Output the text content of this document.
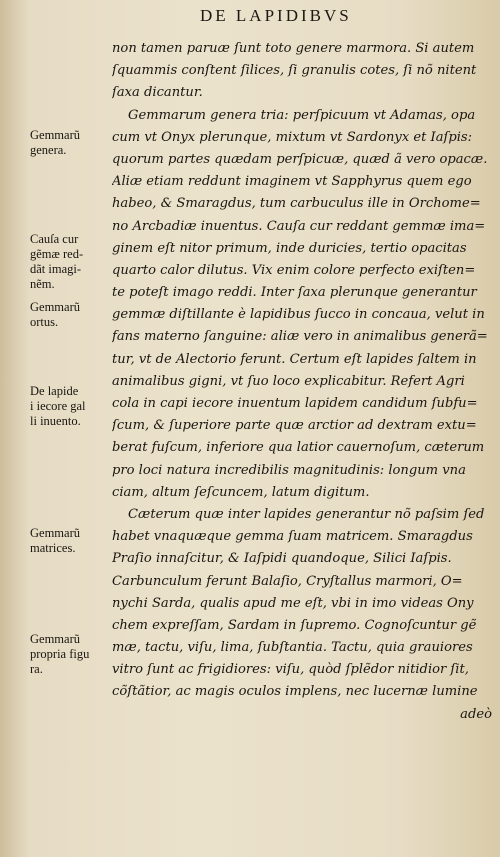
DE LAPIDIBVS
non tamen paruæ ſunt toto genere marmora. Si autem
ſquammis conſtent ſilices, ſi granulis cotes, ſi nõ nitent
ſaxa dicantur.
Gemmarum genera tria: perſpicuum vt Adamas, opa
cum vt Onyx plerunque, mixtum vt Sardonyx et Iaſpis:
quorum partes quædam perſpicuæ, quæd ã vero opacæ.
Aliæ etiam reddunt imaginem vt Sapphyrus quem ego
habeo, & Smaragdus, tum carbuculus ille in Orchome=
no Arcbadiæ inuentus. Cauſa cur reddant gemmæ ima=
ginem eſt nitor primum, inde duricies, tertio opacitas
quarto calor dilutus. Vix enim colore perfecto exiſten=
te poteſt imago reddi. Inter ſaxa plerunque generantur
gemmæ diſtillante è lapidibus ſucco in concaua, velut in
fans materno ſanguine: aliæ vero in animalibus generã=
tur, vt de Alectorio ferunt. Certum eſt lapides ſaltem in
animalibus gigni, vt ſuo loco explicabitur. Refert Agri
cola in capi iecore inuentum lapidem candidum ſubfu=
ſcum, & ſuperiore parte quæ arctior ad dextram extu=
berat fuſcum, inferiore qua latior cauernoſum, cæterum
pro loci natura incredibilis magnitudinis: longum vna
ciam, altum ſeſcuncem, latum digitum.
Cæterum quæ inter lapides generantur nõ paſsim ſed
habet vnaquæque gemma ſuam matricem. Smaragdus
Praſio innaſcitur, & Iaſpidi quandoque, Silici Iaſpis.
Carbunculum ferunt Balaſio, Cryſtallus marmori, O=
nychi Sarda, qualis apud me eſt, vbi in imo videas Ony
chem expreſſam, Sardam in ſupremo. Cognoſcuntur gẽ
mæ, tactu, viſu, lima, ſubſtantia. Tactu, quia grauiores
vitro ſunt ac frigidiores: viſu, quòd ſplẽdor nitidior ſit,
cõſtãtior, ac magis oculos implens, nec lucernæ lumine
adeò
Gemmarũ
genera.
Cauſa cur
gẽmæ red-
dãt imagi-
nẽm.
Gemmarũ
ortus.
De lapide
i iecore gal
li inuento.
Gemmarũ
matrices.
Gemmarũ
propria figu
ra.
